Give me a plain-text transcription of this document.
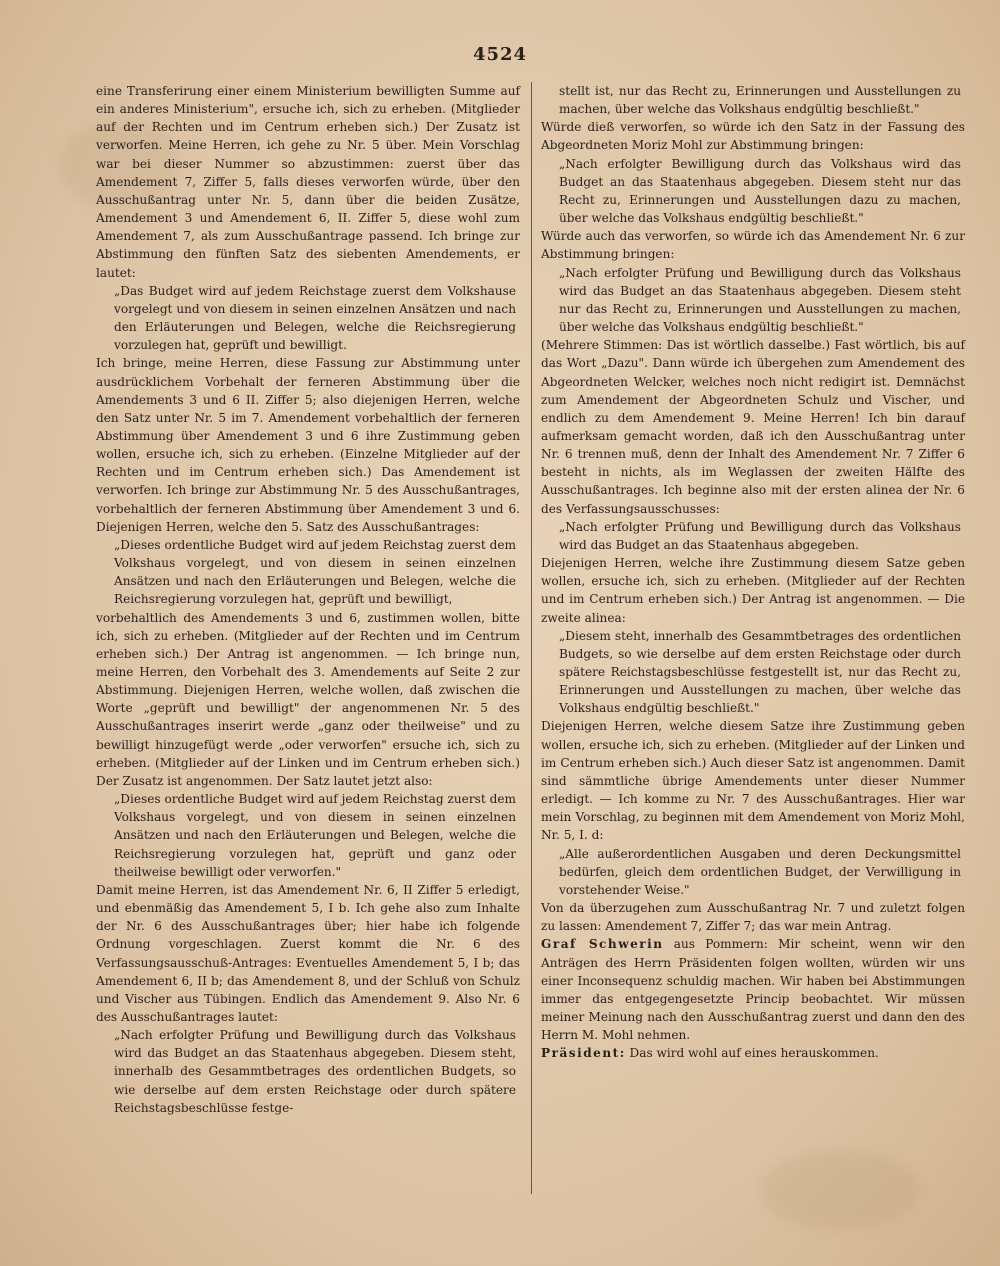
4524

eine Transferirung einer einem Ministerium bewilligten Summe auf ein anderes Ministerium", ersuche ich, sich zu erheben. (Mitglieder auf der Rechten und im Centrum erheben sich.) Der Zusatz ist verworfen. Meine Herren, ich gehe zu Nr. 5 über. Mein Vorschlag war bei dieser Nummer so abzustimmen: zuerst über das Amendement 7, Ziffer 5, falls dieses verworfen würde, über den Ausschußantrag unter Nr. 5, dann über die beiden Zusätze, Amendement 3 und Amendement 6, II. Ziffer 5, diese wohl zum Amendement 7, als zum Ausschußantrage passend. Ich bringe zur Abstimmung den fünften Satz des siebenten Amendements, er lautet:

„Das Budget wird auf jedem Reichstage zuerst dem Volkshause vorgelegt und von diesem in seinen einzelnen Ansätzen und nach den Erläuterungen und Belegen, welche die Reichsregierung vorzulegen hat, geprüft und bewilligt.

Ich bringe, meine Herren, diese Fassung zur Abstimmung unter ausdrücklichem Vorbehalt der ferneren Abstimmung über die Amendements 3 und 6 II. Ziffer 5; also diejenigen Herren, welche den Satz unter Nr. 5 im 7. Amendement vorbehaltlich der ferneren Abstimmung über Amendement 3 und 6 ihre Zustimmung geben wollen, ersuche ich, sich zu erheben. (Einzelne Mitglieder auf der Rechten und im Centrum erheben sich.) Das Amendement ist verworfen. Ich bringe zur Abstimmung Nr. 5 des Ausschußantrages, vorbehaltlich der ferneren Abstimmung über Amendement 3 und 6. Diejenigen Herren, welche den 5. Satz des Ausschußantrages:

„Dieses ordentliche Budget wird auf jedem Reichstag zuerst dem Volkshaus vorgelegt, und von diesem in seinen einzelnen Ansätzen und nach den Erläuterungen und Belegen, welche die Reichsregierung vorzulegen hat, geprüft und bewilligt,

vorbehaltlich des Amendements 3 und 6, zustimmen wollen, bitte ich, sich zu erheben. (Mitglieder auf der Rechten und im Centrum erheben sich.) Der Antrag ist angenommen. — Ich bringe nun, meine Herren, den Vorbehalt des 3. Amendements auf Seite 2 zur Abstimmung. Diejenigen Herren, welche wollen, daß zwischen die Worte „geprüft und bewilligt" der angenommenen Nr. 5 des Ausschußantrages inserirt werde „ganz oder theilweise" und zu bewilligt hinzugefügt werde „oder verworfen" ersuche ich, sich zu erheben. (Mitglieder auf der Linken und im Centrum erheben sich.) Der Zusatz ist angenommen. Der Satz lautet jetzt also:

„Dieses ordentliche Budget wird auf jedem Reichstag zuerst dem Volkshaus vorgelegt, und von diesem in seinen einzelnen Ansätzen und nach den Erläuterungen und Belegen, welche die Reichsregierung vorzulegen hat, geprüft und ganz oder theilweise bewilligt oder verworfen."

Damit meine Herren, ist das Amendement Nr. 6, II Ziffer 5 erledigt, und ebenmäßig das Amendement 5, I b. Ich gehe also zum Inhalte der Nr. 6 des Ausschußantrages über; hier habe ich folgende Ordnung vorgeschlagen. Zuerst kommt die Nr. 6 des Verfassungsausschuß-Antrages: Eventuelles Amendement 5, I b; das Amendement 6, II b; das Amendement 8, und der Schluß von Schulz und Vischer aus Tübingen. Endlich das Amendement 9. Also Nr. 6 des Ausschußantrages lautet:

„Nach erfolgter Prüfung und Bewilligung durch das Volkshaus wird das Budget an das Staatenhaus abgegeben. Diesem steht, innerhalb des Gesammtbetrages des ordentlichen Budgets, so wie derselbe auf dem ersten Reichstage oder durch spätere Reichstagsbeschlüsse festge-

stellt ist, nur das Recht zu, Erinnerungen und Ausstellungen zu machen, über welche das Volkshaus endgültig beschließt."

Würde dieß verworfen, so würde ich den Satz in der Fassung des Abgeordneten Moriz Mohl zur Abstimmung bringen:

„Nach erfolgter Bewilligung durch das Volkshaus wird das Budget an das Staatenhaus abgegeben. Diesem steht nur das Recht zu, Erinnerungen und Ausstellungen dazu zu machen, über welche das Volkshaus endgültig beschließt."

Würde auch das verworfen, so würde ich das Amendement Nr. 6 zur Abstimmung bringen:

„Nach erfolgter Prüfung und Bewilligung durch das Volkshaus wird das Budget an das Staatenhaus abgegeben. Diesem steht nur das Recht zu, Erinnerungen und Ausstellungen zu machen, über welche das Volkshaus endgültig beschließt."

(Mehrere Stimmen: Das ist wörtlich dasselbe.) Fast wörtlich, bis auf das Wort „Dazu". Dann würde ich übergehen zum Amendement des Abgeordneten Welcker, welches noch nicht redigirt ist. Demnächst zum Amendement der Abgeordneten Schulz und Vischer, und endlich zu dem Amendement 9. Meine Herren! Ich bin darauf aufmerksam gemacht worden, daß ich den Ausschußantrag unter Nr. 6 trennen muß, denn der Inhalt des Amendement Nr. 7 Ziffer 6 besteht in nichts, als im Weglassen der zweiten Hälfte des Ausschußantrages. Ich beginne also mit der ersten alinea der Nr. 6 des Verfassungsausschusses:

„Nach erfolgter Prüfung und Bewilligung durch das Volkshaus wird das Budget an das Staatenhaus abgegeben.

Diejenigen Herren, welche ihre Zustimmung diesem Satze geben wollen, ersuche ich, sich zu erheben. (Mitglieder auf der Rechten und im Centrum erheben sich.) Der Antrag ist angenommen. — Die zweite alinea:

„Diesem steht, innerhalb des Gesammtbetrages des ordentlichen Budgets, so wie derselbe auf dem ersten Reichstage oder durch spätere Reichstagsbeschlüsse festgestellt ist, nur das Recht zu, Erinnerungen und Ausstellungen zu machen, über welche das Volkshaus endgültig beschließt."

Diejenigen Herren, welche diesem Satze ihre Zustimmung geben wollen, ersuche ich, sich zu erheben. (Mitglieder auf der Linken und im Centrum erheben sich.) Auch dieser Satz ist angenommen. Damit sind sämmtliche übrige Amendements unter dieser Nummer erledigt. — Ich komme zu Nr. 7 des Ausschußantrages. Hier war mein Vorschlag, zu beginnen mit dem Amendement von Moriz Mohl, Nr. 5, I. d:

„Alle außerordentlichen Ausgaben und deren Deckungsmittel bedürfen, gleich dem ordentlichen Budget, der Verwilligung in vorstehender Weise."

Von da überzugehen zum Ausschußantrag Nr. 7 und zuletzt folgen zu lassen: Amendement 7, Ziffer 7; das war mein Antrag.

Graf Schwerin aus Pommern: Mir scheint, wenn wir den Anträgen des Herrn Präsidenten folgen wollten, würden wir uns einer Inconsequenz schuldig machen. Wir haben bei Abstimmungen immer das entgegengesetzte Princip beobachtet. Wir müssen meiner Meinung nach den Ausschußantrag zuerst und dann den des Herrn M. Mohl nehmen.

Präsident: Das wird wohl auf eines herauskommen.
